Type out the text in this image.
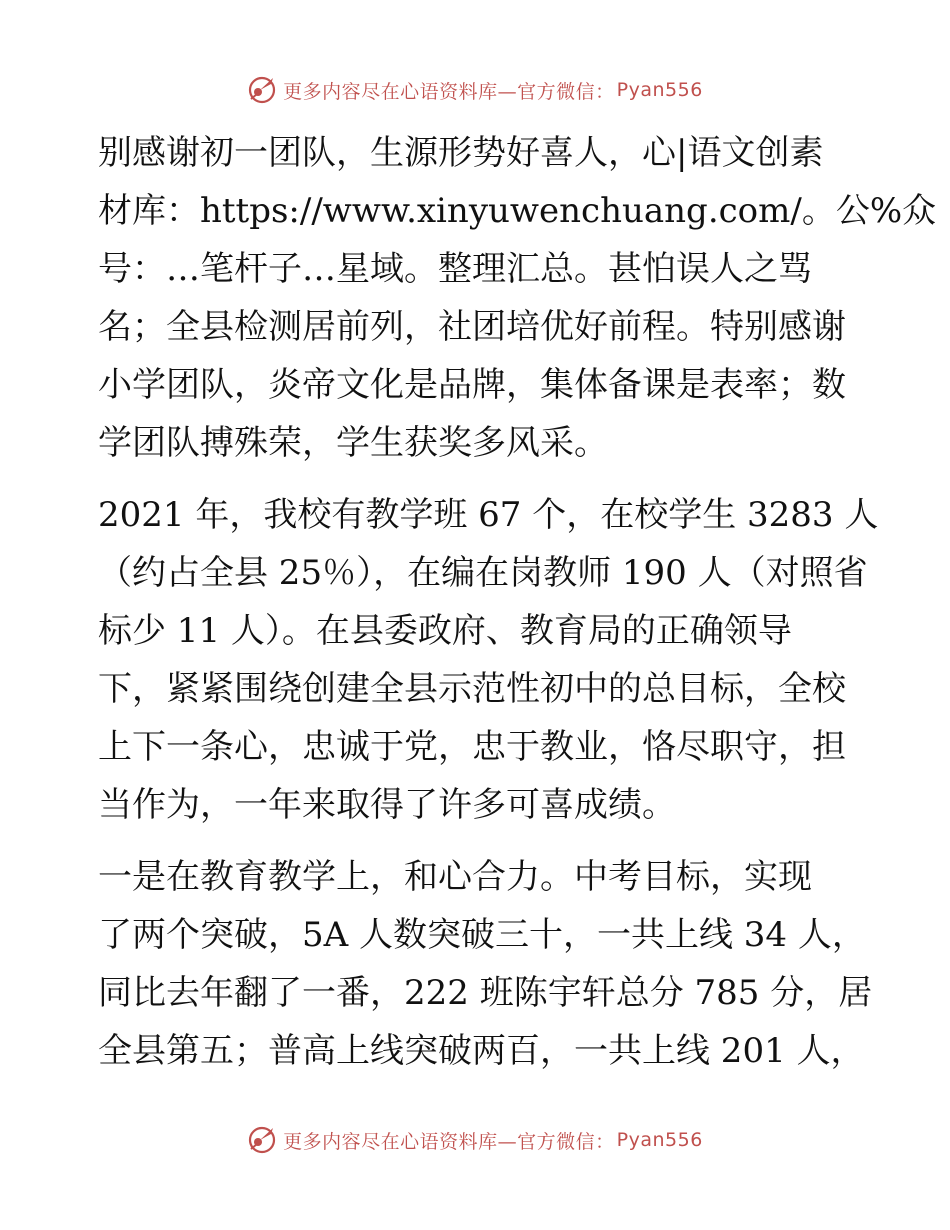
更多内容尽在心语资料库—官方微信： Pyan556

别感谢初一团队，生源形势好喜人，心|语文创素
材库：https://www.xinyuwenchuang.com/。公%众
号：…笔杆子…星域。整理汇总。甚怕误人之骂
名；全县检测居前列，社团培优好前程。特别感谢
小学团队，炎帝文化是品牌，集体备课是表率；数
学团队搏殊荣，学生获奖多风采。

2021 年，我校有教学班 67 个，在校学生 3283 人
（约占全县 25％），在编在岗教师 190 人（对照省
标少 11 人）。在县委政府、教育局的正确领导
下，紧紧围绕创建全县示范性初中的总目标，全校
上下一条心，忠诚于党，忠于教业，恪尽职守，担
当作为，一年来取得了许多可喜成绩。

一是在教育教学上，和心合力。中考目标，实现
了两个突破，5A 人数突破三十，一共上线 34 人，
同比去年翻了一番，222 班陈宇轩总分 785 分，居
全县第五；普高上线突破两百，一共上线 201 人，

更多内容尽在心语资料库—官方微信： Pyan556
